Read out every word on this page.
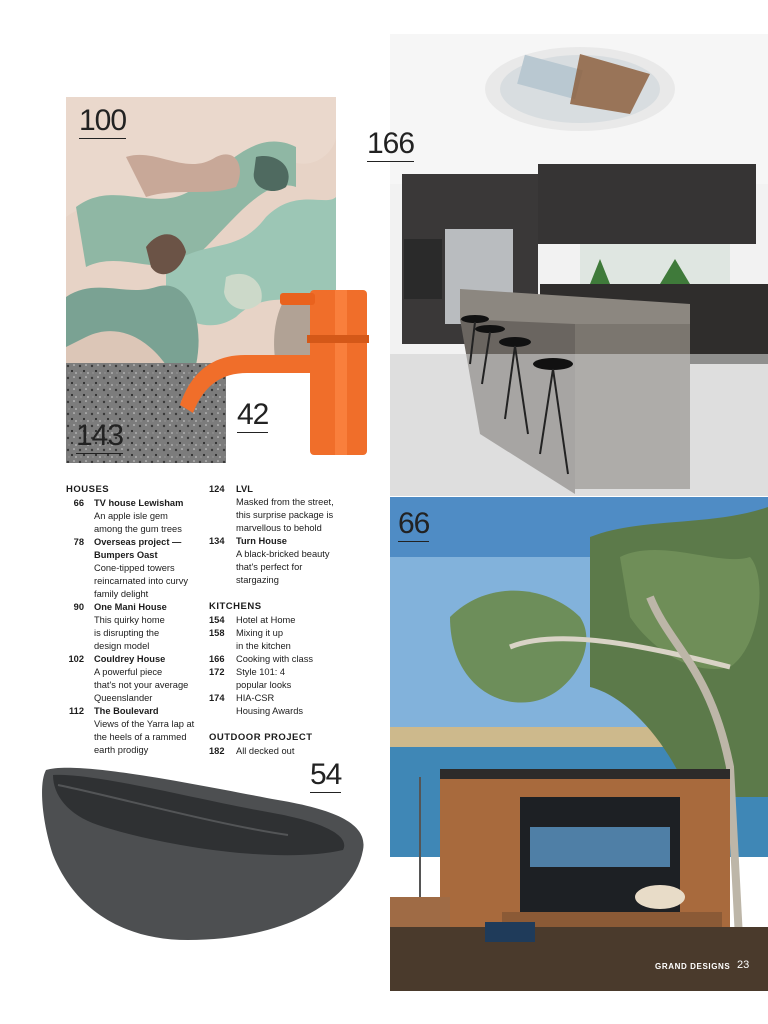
100
143
42
166
66
54
HOUSES
66 TV house Lewisham
An apple isle gem
among the gum trees
78 Overseas project —
Bumpers Oast
Cone-tipped towers
reincarnated into curvy
family delight
90 One Mani House
This quirky home
is disrupting the
design model
102 Couldrey House
A powerful piece
that's not your average
Queenslander
112 The Boulevard
Views of the Yarra lap at
the heels of a rammed
earth prodigy
124 LVL
Masked from the street,
this surprise package is
marvellous to behold
134 Turn House
A black-bricked beauty
that's perfect for
stargazing
KITCHENS
154 Hotel at Home
158 Mixing it up
in the kitchen
166 Cooking with class
172 Style 101: 4
popular looks
174 HIA-CSR
Housing Awards
OUTDOOR PROJECT
182 All decked out
GRAND DESIGNS 23
